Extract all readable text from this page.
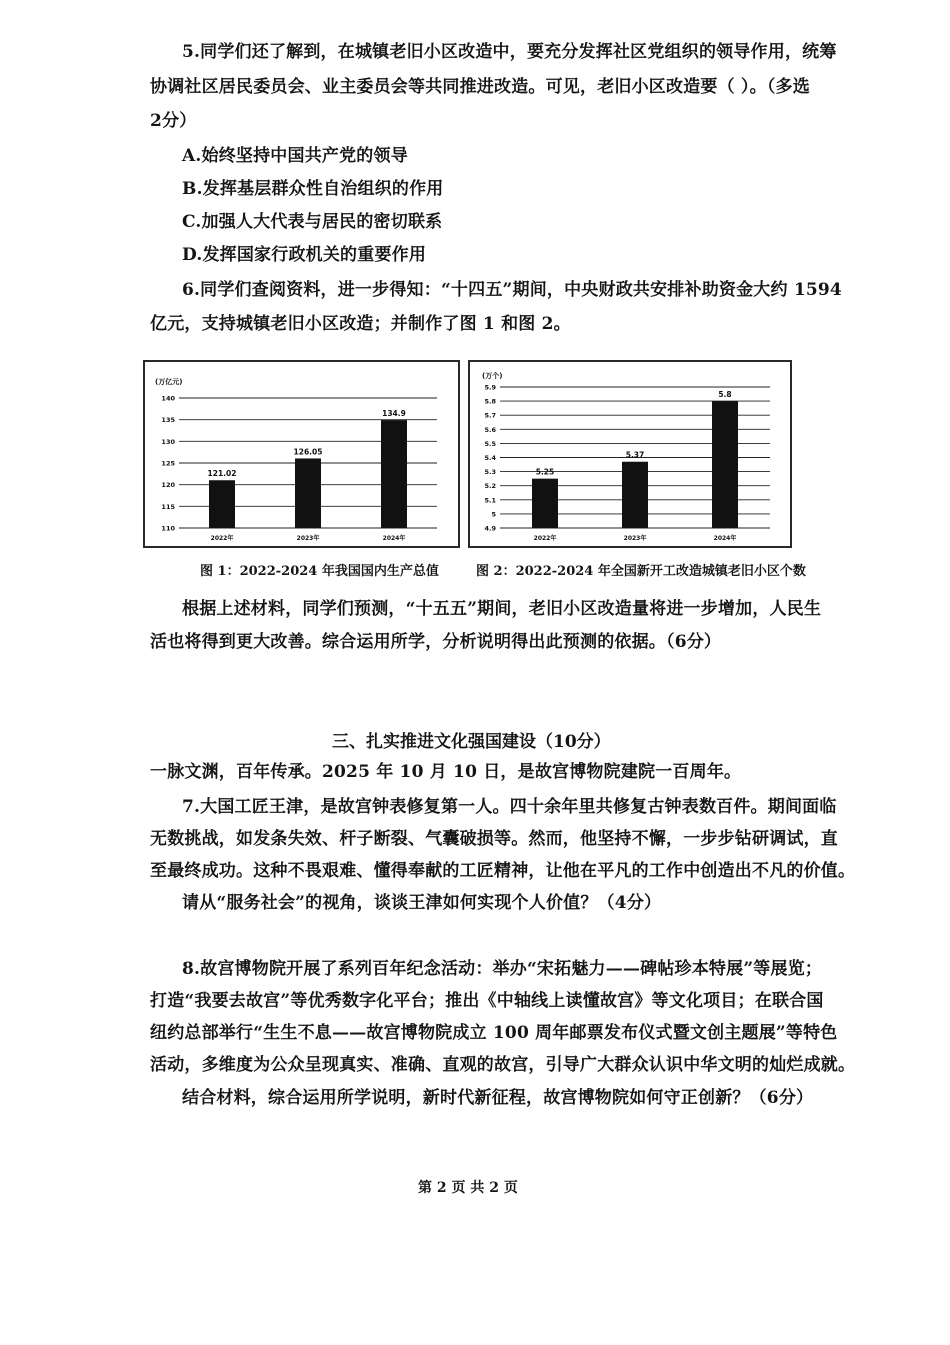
5.同学们还了解到，在城镇老旧小区改造中，要充分发挥社区党组织的领导作用，统筹
协调社区居民委员会、业主委员会等共同推进改造。可见，老旧小区改造要（ ）。（多选
2分）
A.始终坚持中国共产党的领导
B.发挥基层群众性自治组织的作用
C.加强人大代表与居民的密切联系
D.发挥国家行政机关的重要作用
6.同学们查阅资料，进一步得知：“十四五”期间，中央财政共安排补助资金大约 1594
亿元，支持城镇老旧小区改造；并制作了图 1 和图 2。
(万亿元)
140
135
130
125
120
115
110
121.02
2022年
126.05
2023年
134.9
2024年
(万个)
5.9
5.8
5.7
5.6
5.5
5.4
5.3
5.2
5.1
5
4.9
5.25
2022年
5.37
2023年
5.8
2024年
图 1：2022-2024 年我国国内生产总值	图 2：2022-2024 年全国新开工改造城镇老旧小区个数
根据上述材料，同学们预测，“十五五”期间，老旧小区改造量将进一步增加，人民生
活也将得到更大改善。综合运用所学，分析说明得出此预测的依据。（6分）
三、扎实推进文化强国建设（10分）
一脉文渊，百年传承。2025 年 10 月 10 日，是故宫博物院建院一百周年。
7.大国工匠王津，是故宫钟表修复第一人。四十余年里共修复古钟表数百件。期间面临
无数挑战，如发条失效、杆子断裂、气囊破损等。然而，他坚持不懈，一步步钻研调试，直
至最终成功。这种不畏艰难、懂得奉献的工匠精神，让他在平凡的工作中创造出不凡的价值。
请从“服务社会”的视角，谈谈王津如何实现个人价值？（4分）
8.故宫博物院开展了系列百年纪念活动：举办“宋拓魅力——碑帖珍本特展”等展览；
打造“我要去故宫”等优秀数字化平台；推出《中轴线上读懂故宫》等文化项目；在联合国
纽约总部举行“生生不息——故宫博物院成立 100 周年邮票发布仪式暨文创主题展”等特色
活动，多维度为公众呈现真实、准确、直观的故宫，引导广大群众认识中华文明的灿烂成就。
结合材料，综合运用所学说明，新时代新征程，故宫博物院如何守正创新？（6分）
第 2 页 共 2 页
